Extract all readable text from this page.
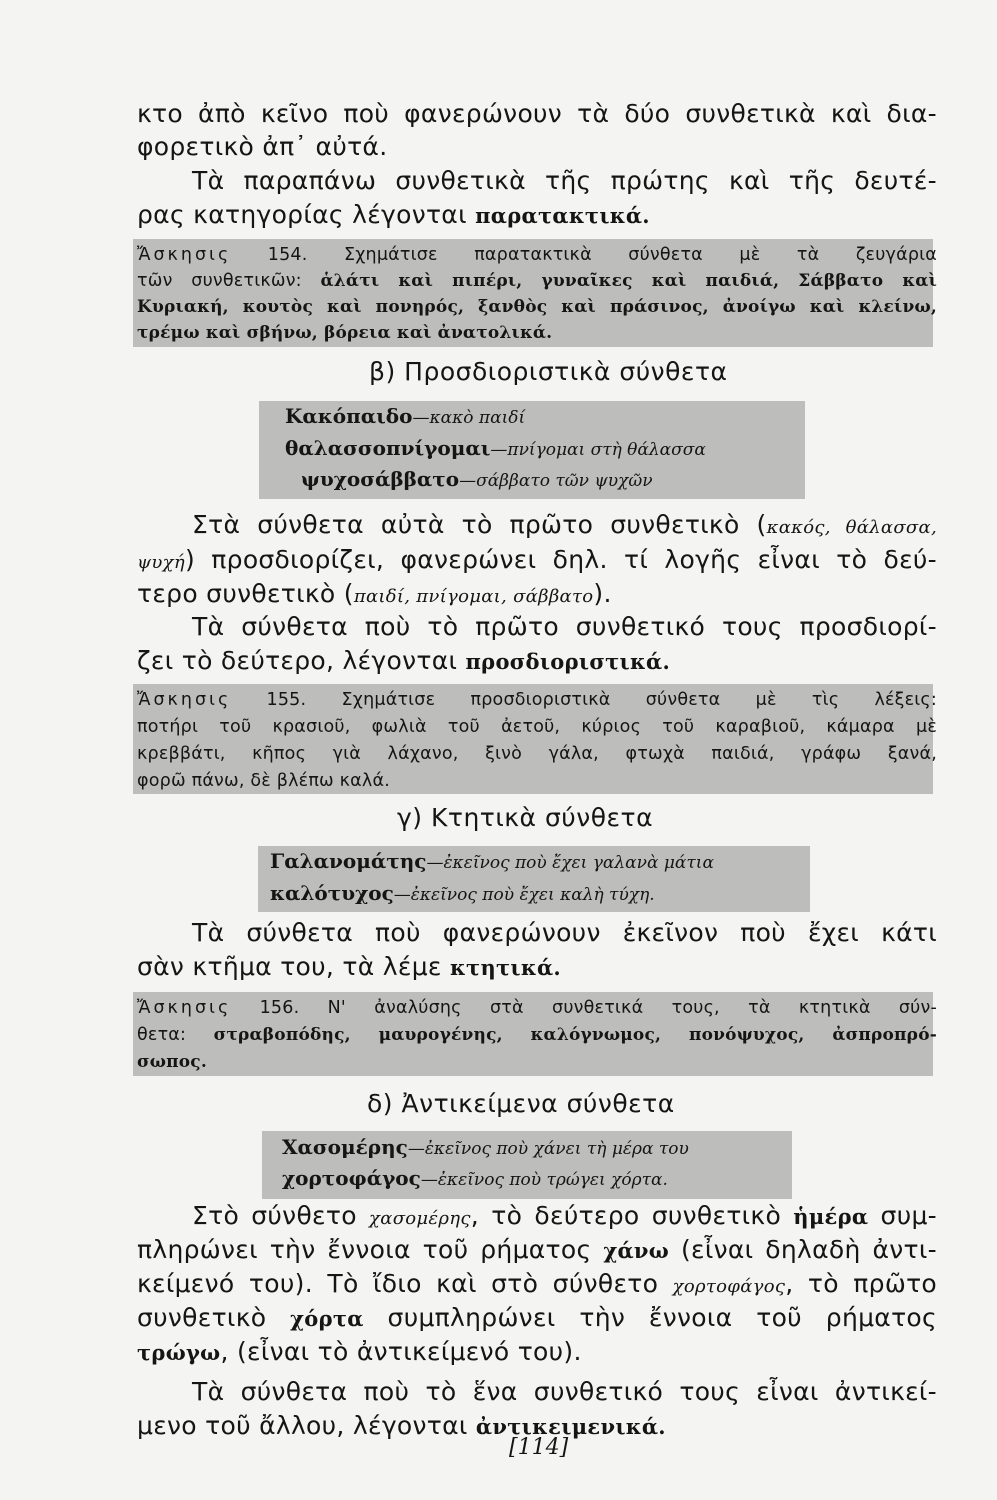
κτο ἀπὸ κεῖνο ποὺ φανερώνουν τὰ δύο συνθετικὰ καὶ δια-
φορετικὸ ἀπ᾿ αὐτά.
Τὰ παραπάνω συνθετικὰ τῆς πρώτης καὶ τῆς δευτέ-
ρας κατηγορίας λέγονται παρατακτικά.
Ἄσκησις 154. Σχημάτισε παρατακτικὰ σύνθετα μὲ τὰ ζευγάρια
τῶν συνθετικῶν: ἁλάτι καὶ πιπέρι, γυναῖκες καὶ παιδιά, Σάββατο καὶ
Κυριακή, κουτὸς καὶ πονηρός, ξανθὸς καὶ πράσινος, ἀνοίγω καὶ κλείνω,
τρέμω καὶ σβήνω, βόρεια καὶ ἀνατολικά.
β) Προσδιοριστικὰ σύνθετα
Κακόπαιδο—κακὸ παιδί
θαλασσοπνίγομαι—πνίγομαι στὴ θάλασσα
ψυχοσάββατο—σάββατο τῶν ψυχῶν
Στὰ σύνθετα αὐτὰ τὸ πρῶτο συνθετικὸ (κακός, θάλασσα,
ψυχή) προσδιορίζει, φανερώνει δηλ. τί λογῆς εἶναι τὸ δεύ-
τερο συνθετικὸ (παιδί, πνίγομαι, σάββατο).
Τὰ σύνθετα ποὺ τὸ πρῶτο συνθετικό τους προσδιορί-
ζει τὸ δεύτερο, λέγονται προσδιοριστικά.
Ἄσκησις 155. Σχημάτισε προσδιοριστικὰ σύνθετα μὲ τὶς λέξεις:
ποτήρι τοῦ κρασιοῦ, φωλιὰ τοῦ ἀετοῦ, κύριος τοῦ καραβιοῦ, κάμαρα μὲ
κρεββάτι, κῆπος γιὰ λάχανο, ξινὸ γάλα, φτωχὰ παιδιά, γράφω ξανά,
φορῶ πάνω, δὲ βλέπω καλά.
γ) Κτητικὰ σύνθετα
Γαλανομάτης—ἐκεῖνος ποὺ ἔχει γαλανὰ μάτια
καλότυχος—ἐκεῖνος ποὺ ἔχει καλὴ τύχη.
Τὰ σύνθετα ποὺ φανερώνουν ἐκεῖνον ποὺ ἔχει κάτι
σὰν κτῆμα του, τὰ λέμε κτητικά.
Ἄσκησις 156. Ν' ἀναλύσης στὰ συνθετικά τους, τὰ κτητικὰ σύν-
θετα: στραβοπόδης, μαυρογένης, καλόγνωμος, πονόψυχος, ἀσπροπρό-
σωπος.
δ) Ἀντικείμενα σύνθετα
Χασομέρης—ἐκεῖνος ποὺ χάνει τὴ μέρα του
χορτοφάγος—ἐκεῖνος ποὺ τρώγει χόρτα.
Στὸ σύνθετο χασομέρης, τὸ δεύτερο συνθετικὸ ἡμέρα συμ-
πληρώνει τὴν ἔννοια τοῦ ρήματος χάνω (εἶναι δηλαδὴ ἀντι-
κείμενό του). Τὸ ἴδιο καὶ στὸ σύνθετο χορτοφάγος, τὸ πρῶτο
συνθετικὸ χόρτα συμπληρώνει τὴν ἔννοια τοῦ ρήματος
τρώγω, (εἶναι τὸ ἀντικείμενό του).
Τὰ σύνθετα ποὺ τὸ ἕνα συνθετικό τους εἶναι ἀντικεί-
μενο τοῦ ἄλλου, λέγονται ἀντικειμενικά.
[114]
